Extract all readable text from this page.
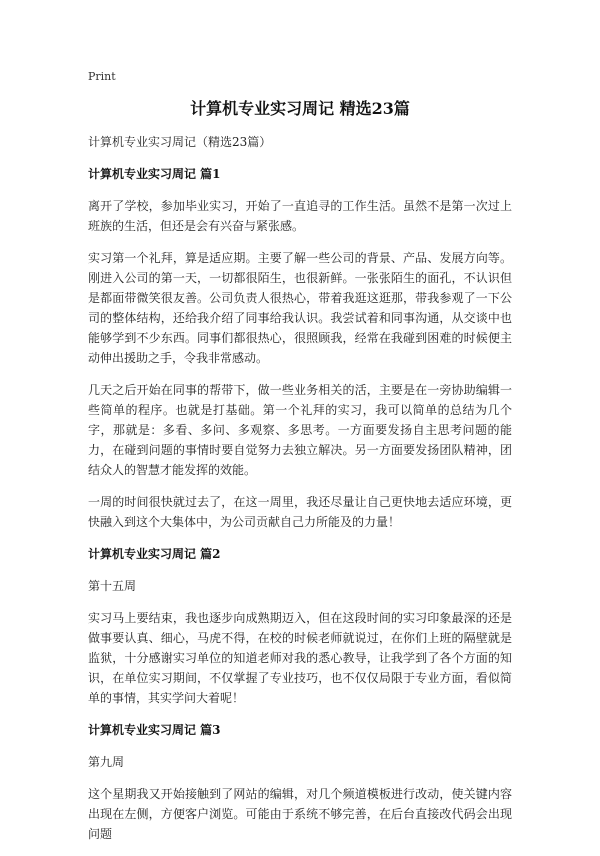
Print
计算机专业实习周记 精选23篇

计算机专业实习周记（精选23篇）

计算机专业实习周记 篇1

离开了学校，参加毕业实习，开始了一直追寻的工作生活。虽然不是第一次过上班族的生活，但还是会有兴奋与紧张感。

实习第一个礼拜，算是适应期。主要了解一些公司的背景、产品、发展方向等。刚进入公司的第一天，一切都很陌生，也很新鲜。一张张陌生的面孔，不认识但是都面带微笑很友善。公司负责人很热心，带着我逛这逛那，带我参观了一下公司的整体结构，还给我介绍了同事给我认识。我尝试着和同事沟通，从交谈中也能够学到不少东西。同事们都很热心，很照顾我，经常在我碰到困难的时候便主动伸出援助之手，令我非常感动。

几天之后开始在同事的帮带下，做一些业务相关的活，主要是在一旁协助编辑一些简单的程序。也就是打基础。第一个礼拜的实习，我可以简单的总结为几个字，那就是：多看、多问、多观察、多思考。一方面要发扬自主思考问题的能力，在碰到问题的事情时要自觉努力去独立解决。另一方面要发扬团队精神，团结众人的智慧才能发挥的效能。

一周的时间很快就过去了，在这一周里，我还尽量让自己更快地去适应环境，更快融入到这个大集体中，为公司贡献自己力所能及的力量！

计算机专业实习周记 篇2

第十五周

实习马上要结束，我也逐步向成熟期迈入，但在这段时间的实习印象最深的还是做事要认真、细心，马虎不得，在校的时候老师就说过，在你们上班的隔壁就是监狱，十分感谢实习单位的知道老师对我的悉心教导，让我学到了各个方面的知识，在单位实习期间，不仅掌握了专业技巧，也不仅仅局限于专业方面，看似简单的事情，其实学问大着呢！

计算机专业实习周记 篇3

第九周

这个星期我又开始接触到了网站的编辑，对几个频道模板进行改动，使关键内容出现在左侧，方便客户浏览。可能由于系统不够完善，在后台直接改代码会出现问题
